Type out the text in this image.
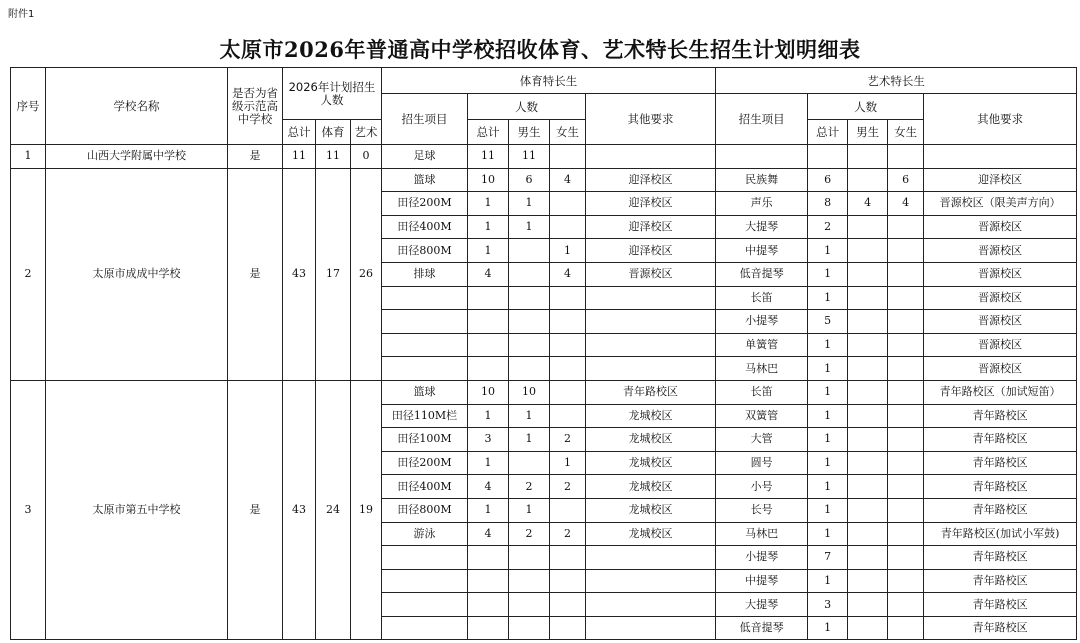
附件1
太原市2026年普通高中学校招收体育、艺术特长生招生计划明细表
序号	学校名称	是否为省级示范高中学校	2026年计划招生人数			体育特长生					艺术特长生				
						招生项目	人数			其他要求	招生项目	人数			其他要求
			总计	体育	艺术		总计	男生	女生			总计	男生	女生	
1	山西大学附属中学校	是	11	11	0	足球	11	11							
2	太原市成成中学校	是	43	17	26	篮球	10	6	4	迎泽校区	民族舞	6		6	迎泽校区
						田径200M	1	1		迎泽校区	声乐	8	4	4	晋源校区（限美声方向）
						田径400M	1	1		迎泽校区	大提琴	2			晋源校区
						田径800M	1		1	迎泽校区	中提琴	1			晋源校区
						排球	4		4	晋源校区	低音提琴	1			晋源校区
											长笛	1			晋源校区
											小提琴	5			晋源校区
											单簧管	1			晋源校区
											马林巴	1			晋源校区
3	太原市第五中学校	是	43	24	19	篮球	10	10		青年路校区	长笛	1			青年路校区（加试短笛）
						田径110M栏	1	1		龙城校区	双簧管	1			青年路校区
						田径100M	3	1	2	龙城校区	大管	1			青年路校区
						田径200M	1		1	龙城校区	圆号	1			青年路校区
						田径400M	4	2	2	龙城校区	小号	1			青年路校区
						田径800M	1	1		龙城校区	长号	1			青年路校区
						游泳	4	2	2	龙城校区	马林巴	1			青年路校区(加试小军鼓)
											小提琴	7			青年路校区
											中提琴	1			青年路校区
											大提琴	3			青年路校区
											低音提琴	1			青年路校区
